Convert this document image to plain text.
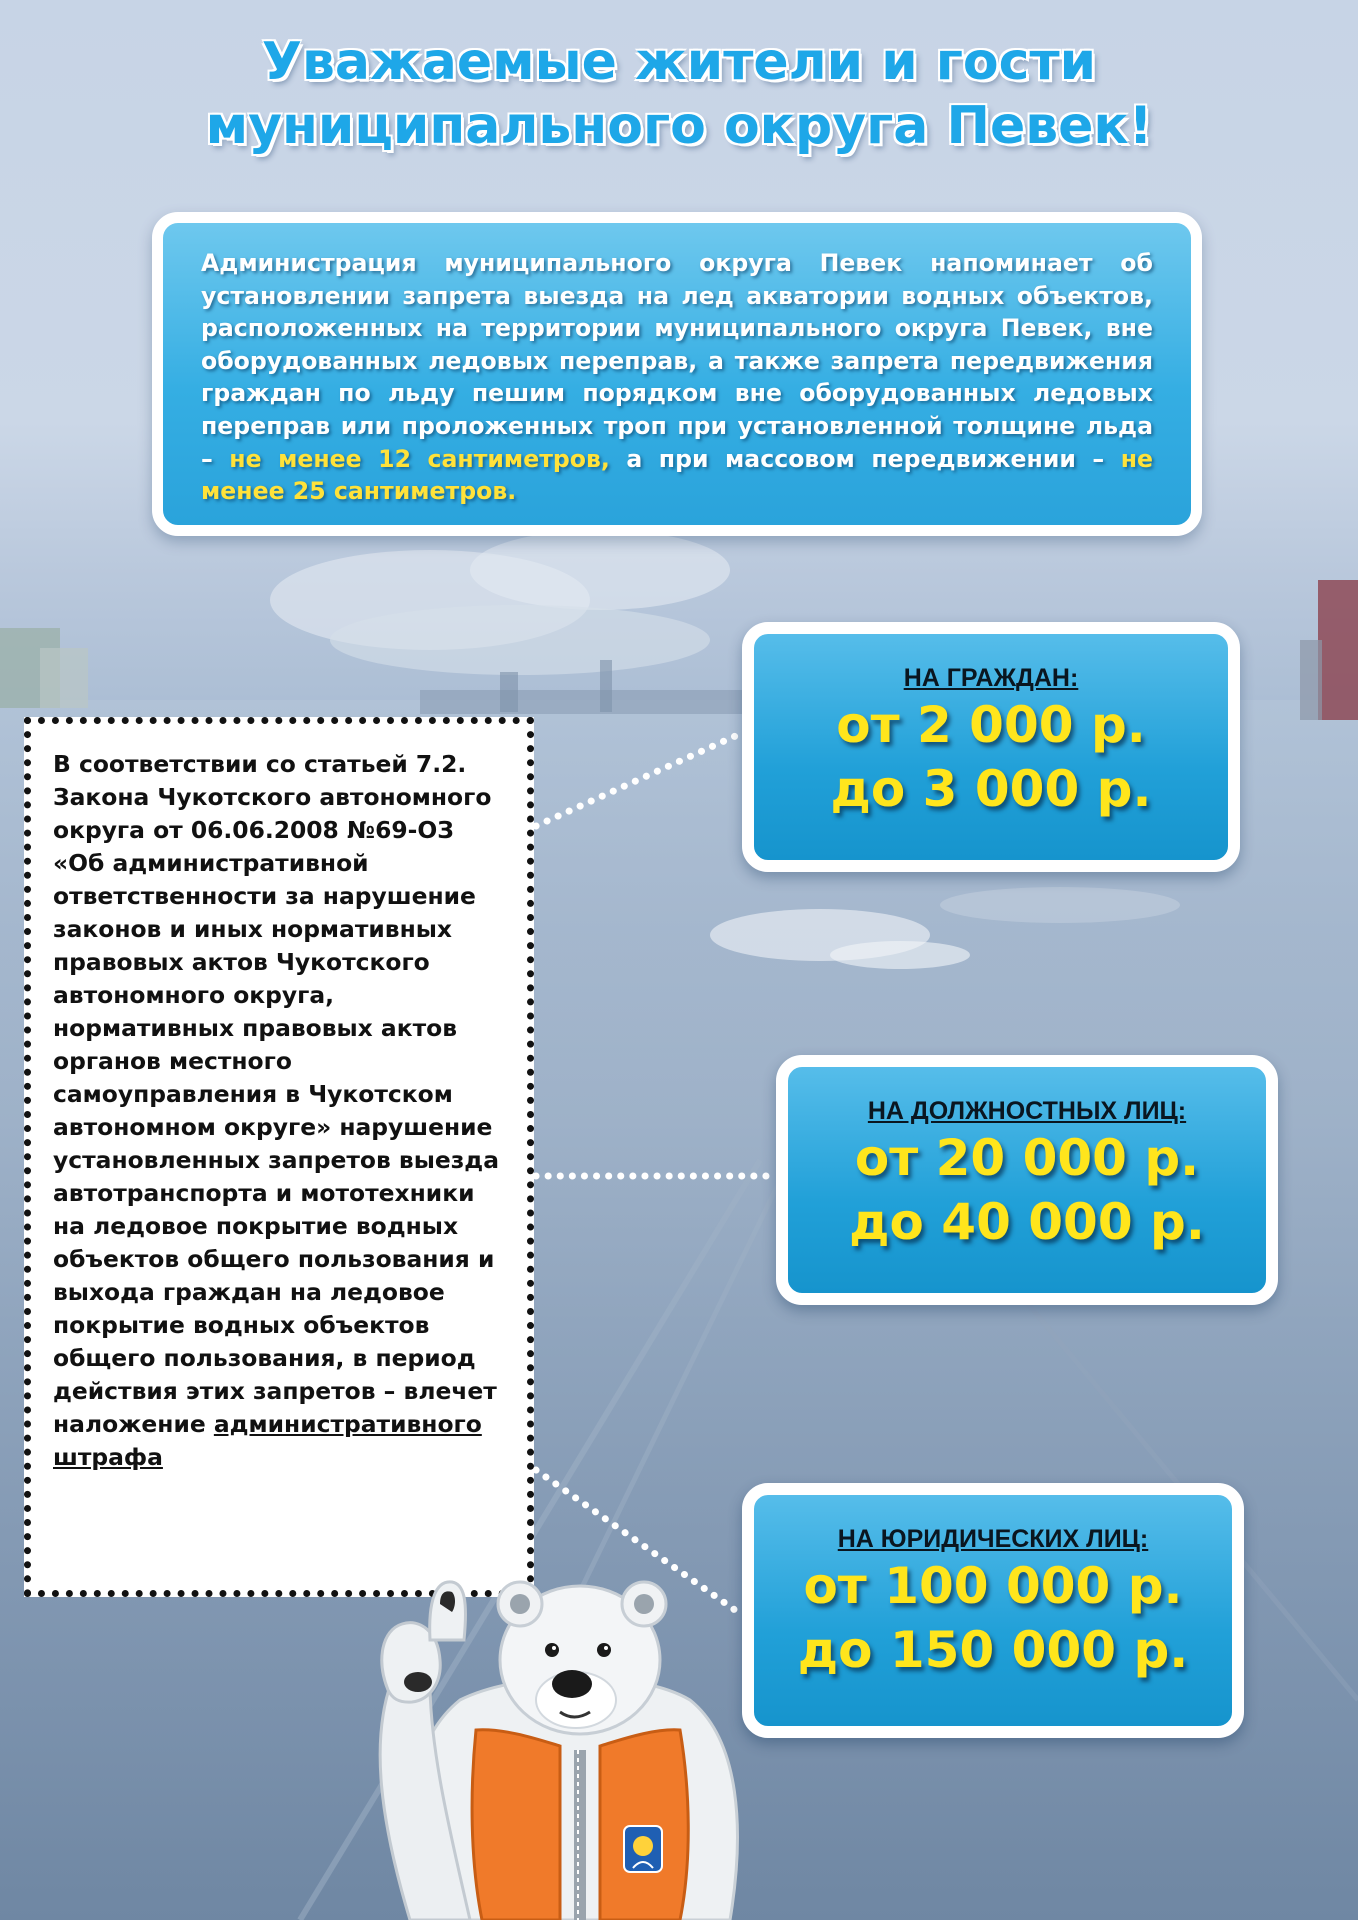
Уважаемые жители и гости
муниципального округа Певек!

Администрация муниципального округа Певек напоминает об установлении запрета выезда на лед акватории водных объектов, расположенных на территории муниципального округа Певек, вне оборудованных ледовых переправ, а также запрета передвижения граждан по льду пешим порядком вне оборудованных ледовых переправ или проложенных троп при установленной толщине льда – не менее 12 сантиметров, а при массовом передвижении – не менее 25 сантиметров.

В соответствии со статьей 7.2. Закона Чукотского автономного округа от 06.06.2008 №69-ОЗ «Об административной ответственности за нарушение законов и иных нормативных правовых актов Чукотского автономного округа, нормативных правовых актов органов местного самоуправления в Чукотском автономном округе» нарушение установленных запретов выезда автотранспорта и мототехники на ледовое покрытие водных объектов общего пользования и выхода граждан на ледовое покрытие водных объектов общего пользования, в период действия этих запретов – влечет наложение административного штрафа

НА ГРАЖДАН:
от 2 000 р.
до 3 000 р.
НА ДОЛЖНОСТНЫХ ЛИЦ:
от 20 000 р.
до 40 000 р.
НА ЮРИДИЧЕСКИХ ЛИЦ:
от 100 000 р.
до 150 000 р.
